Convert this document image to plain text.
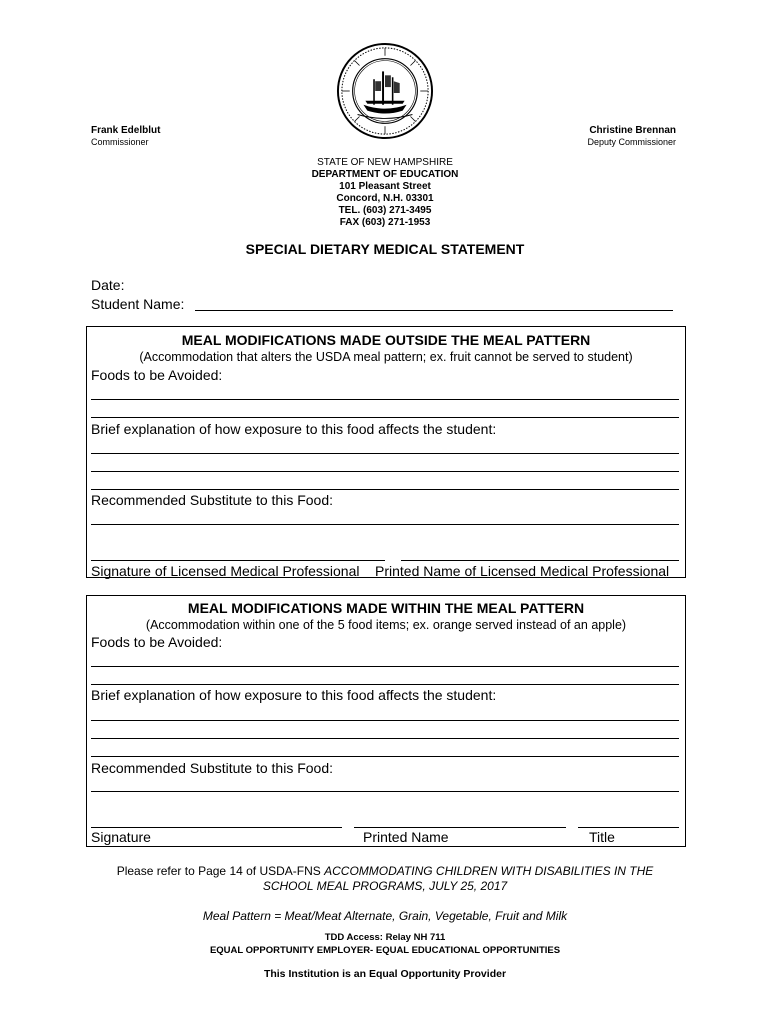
Frank Edelblut
Commissioner
Christine Brennan
Deputy Commissioner
STATE OF NEW HAMPSHIRE
DEPARTMENT OF EDUCATION
101 Pleasant Street
Concord, N.H. 03301
TEL. (603) 271-3495
FAX (603) 271-1953
SPECIAL DIETARY MEDICAL STATEMENT
Date:
Student Name:
MEAL MODIFICATIONS MADE OUTSIDE THE MEAL PATTERN
(Accommodation that alters the USDA meal pattern; ex. fruit cannot be served to student)
Foods to be Avoided:
Brief explanation of how exposure to this food affects the student:
Recommended Substitute to this Food:
Signature of Licensed Medical Professional Printed Name of Licensed Medical Professional
MEAL MODIFICATIONS MADE WITHIN THE MEAL PATTERN
(Accommodation within one of the 5 food items; ex. orange served instead of an apple)
Foods to be Avoided:
Brief explanation of how exposure to this food affects the student:
Recommended Substitute to this Food:
Signature	Printed Name	Title
Please refer to Page 14 of USDA-FNS ACCOMMODATING CHILDREN WITH DISABILITIES IN THE
SCHOOL MEAL PROGRAMS, JULY 25, 2017
Meal Pattern = Meat/Meat Alternate, Grain, Vegetable, Fruit and Milk
TDD Access: Relay NH 711
EQUAL OPPORTUNITY EMPLOYER- EQUAL EDUCATIONAL OPPORTUNITIES
This Institution is an Equal Opportunity Provider
